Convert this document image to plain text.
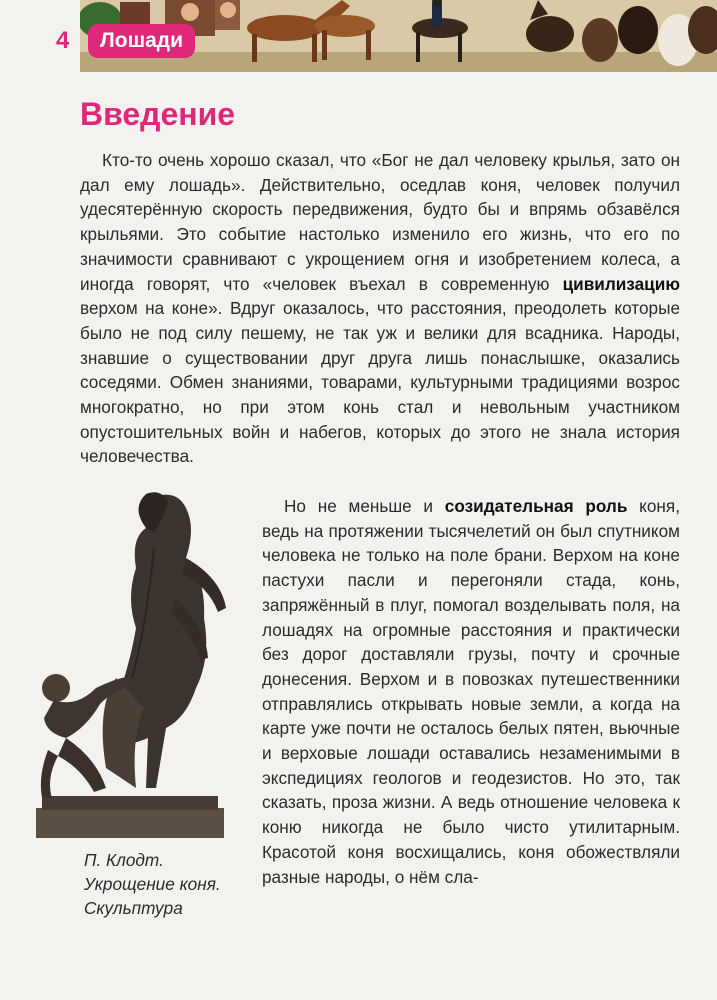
4	Лошади
Введение

Кто-то очень хорошо сказал, что «Бог не дал человеку крылья, зато он дал ему лошадь». Действительно, оседлав коня, человек получил удесятерённую скорость передвижения, будто бы и впрямь обзавёлся крыльями. Это событие настолько изменило его жизнь, что его по значимости сравнивают с укрощением огня и изобретением колеса, а иногда говорят, что «человек въехал в современную цивилизацию верхом на коне». Вдруг оказалось, что расстояния, преодолеть которые было не под силу пешему, не так уж и велики для всадника. Народы, знавшие о существовании друг друга лишь понаслышке, оказались соседями. Обмен знаниями, товарами, культурными традициями возрос многократно, но при этом конь стал и невольным участником опустошительных войн и набегов, которых до этого не знала история человечества.

П. Клодт.
Укрощение коня.
Скульптура

Но не меньше и созидательная роль коня, ведь на протяжении тысячелетий он был спутником человека не только на поле брани. Верхом на коне пастухи пасли и перегоняли стада, конь, запряжённый в плуг, помогал возделывать поля, на лошадях на огромные расстояния и практически без дорог доставляли грузы, почту и срочные донесения. Верхом и в повозках путешественники отправлялись открывать новые земли, а когда на карте уже почти не осталось белых пятен, вьючные и верховые лошади оставались незаменимыми в экспедициях геологов и геодезистов. Но это, так сказать, проза жизни. А ведь отношение человека к коню никогда не было чисто утилитарным. Красотой коня восхищались, коня обожествляли разные народы, о нём сла-
